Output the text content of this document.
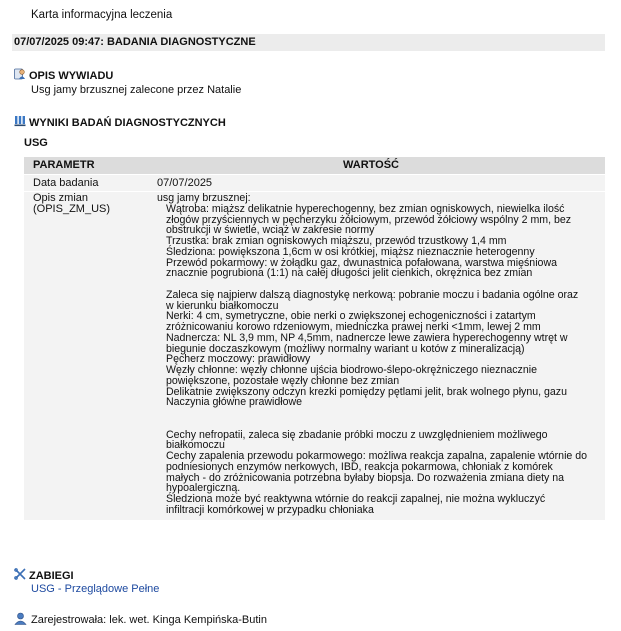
Karta informacyjna leczenia
07/07/2025 09:47: BADANIA DIAGNOSTYCZNE
OPIS WYWIADU
Usg jamy brzusznej zalecone przez Natalie
WYNIKI BADAŃ DIAGNOSTYCZNYCH
USG
PARAMETR	WARTOŚĆ
Data badania	07/07/2025
Opis zmian
(OPIS_ZM_US)
usg jamy brzusznej:
Wątroba: miąższ delikatnie hyperechogenny, bez zmian ogniskowych, niewielka ilość
złogów przyściennych w pęcherzyku żółciowym, przewód żółciowy wspólny 2 mm, bez
obstrukcji w świetle, wciąż w zakresie normy
Trzustka: brak zmian ogniskowych miąższu, przewód trzustkowy 1,4 mm
Śledziona: powiększona 1,6cm w osi krótkiej, miąższ nieznacznie heterogenny
Przewód pokarmowy: w żołądku gaz, dwunastnica pofałowana, warstwa mięśniowa
znacznie pogrubiona (1:1) na całej długości jelit cienkich, okrężnica bez zmian
Zaleca się najpierw dalszą diagnostykę nerkową: pobranie moczu i badania ogólne oraz
w kierunku białkomoczu
Nerki: 4 cm, symetryczne, obie nerki o zwiększonej echogeniczności i zatartym
zróżnicowaniu korowo rdzeniowym, miedniczka prawej nerki <1mm, lewej 2 mm
Nadnercza: NL 3,9 mm, NP 4,5mm, nadnercze lewe zawiera hyperechogenny wtręt w
biegunie doczaszkowym (możliwy normalny wariant u kotów z mineralizacją)
Pęcherz moczowy: prawidłowy
Węzły chłonne: węzły chłonne ujścia biodrowo-ślepo-okrężniczego nieznacznie
powiększone, pozostałe węzły chłonne bez zmian
Delikatnie zwiększony odczyn krezki pomiędzy pętlami jelit, brak wolnego płynu, gazu
Naczynia główne prawidłowe
Cechy nefropatii, zaleca się zbadanie próbki moczu z uwzględnieniem możliwego
białkomoczu
Cechy zapalenia przewodu pokarmowego: możliwa reakcja zapalna, zapalenie wtórnie do
podniesionych enzymów nerkowych, IBD, reakcja pokarmowa, chłoniak z komórek
małych - do zróżnicowania potrzebna byłaby biopsja. Do rozważenia zmiana diety na
hypoalergiczną.
Śledziona może być reaktywna wtórnie do reakcji zapalnej, nie można wykluczyć
infiltracji komórkowej w przypadku chłoniaka
ZABIEGI
USG - Przeglądowe Pełne
Zarejestrowała: lek. wet. Kinga Kempińska-Butin
